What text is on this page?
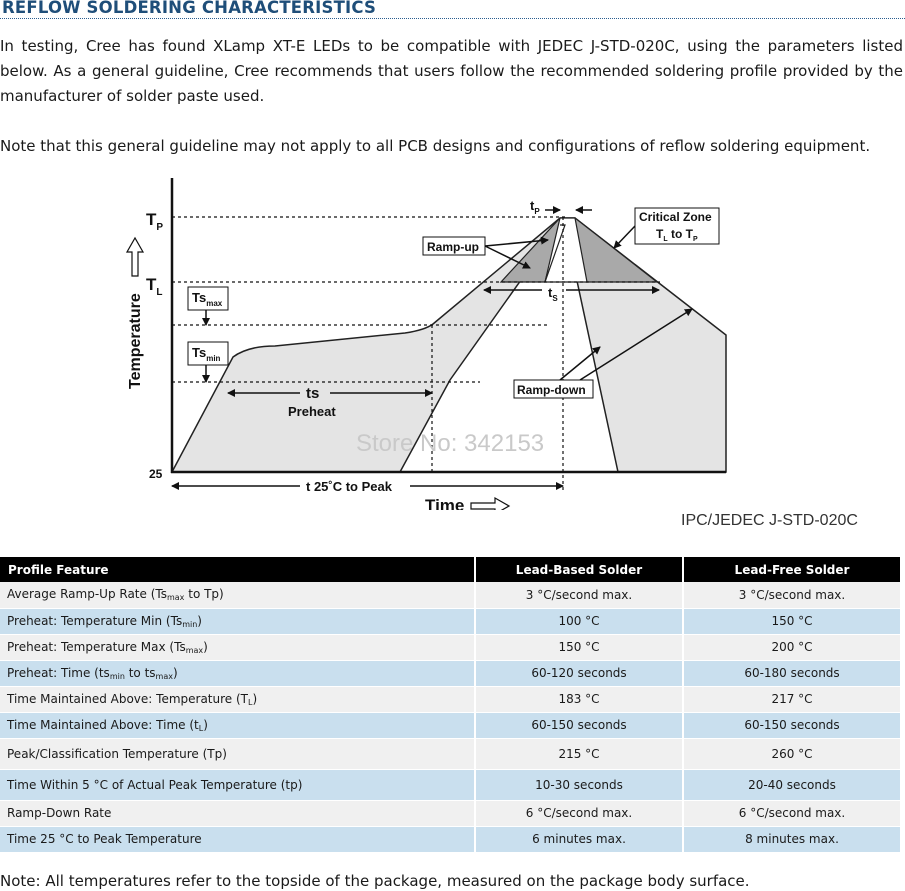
REFLOW SOLDERING CHARACTERISTICS
In testing, Cree has found XLamp XT-E LEDs to be compatible with JEDEC J-STD-020C, using the parameters listed below. As a general guideline, Cree recommends that users follow the recommended soldering profile provided by the manufacturer of solder paste used.
Note that this general guideline may not apply to all PCB designs and configurations of reflow soldering equipment.
$T_P$
$T_L$ $Ts_{max}$
$Ts_{min}$
Temperature
25
ts
Preheat
t 25˚C to Peak
Time
$t_P$
$t_S$
Ramp-up
Critical Zone
$T_L$ to $T_P$
Ramp-down
Store No: 342153
IPC/JEDEC J-STD-020C
Profile Feature	Lead-Based Solder	Lead-Free Solder
Average Ramp-Up Rate ($Ts_{max}$ to Tp)	3 °C/second max.	3 °C/second max.
Preheat: Temperature Min $(Ts_{min})$	100 °C	150 °C
Preheat: Temperature Max $(Ts_{max})$	150 °C	200 °C
Preheat: Time ($ts_{min}$ to $ts_{max}$)	60-120 seconds	60-180 seconds
Time Maintained Above: Temperature $(T_L)$	183 °C	217 °C
Time Maintained Above: Time $(t_L)$	60-150 seconds	60-150 seconds
Peak/Classification Temperature (Tp)	215 °C	260 °C
Time Within 5 °C of Actual Peak Temperature (tp)	10-30 seconds	20-40 seconds
Ramp-Down Rate	6 °C/second max.	6 °C/second max.
Time 25 °C to Peak Temperature	6 minutes max.	8 minutes max.
Note: All temperatures refer to the topside of the package, measured on the package body surface.
